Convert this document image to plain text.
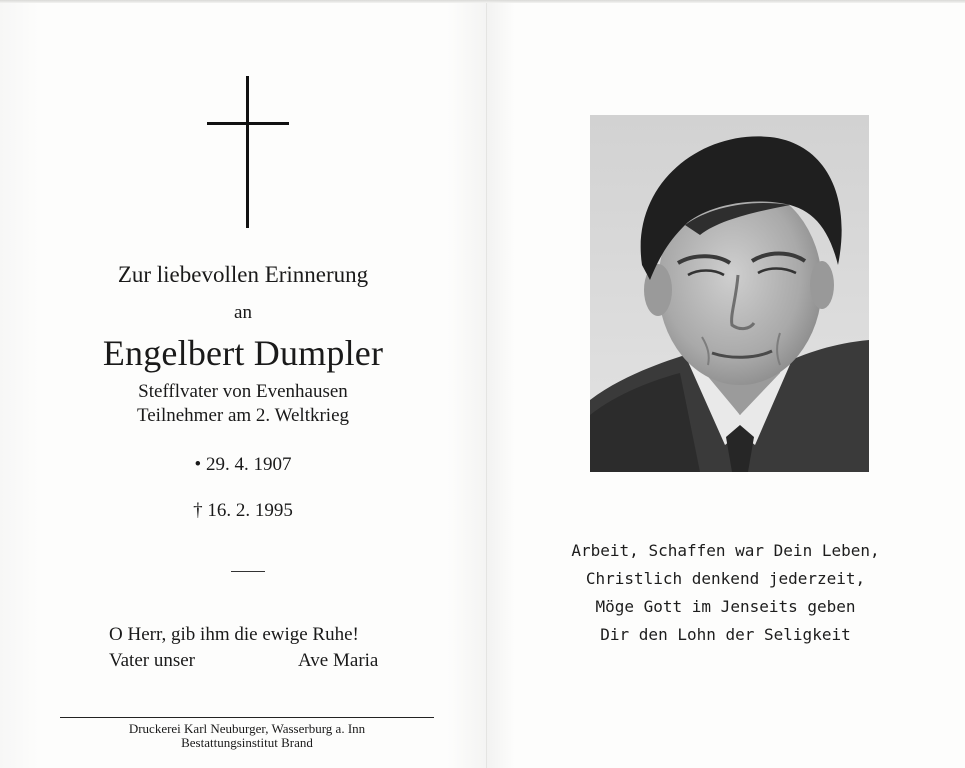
Zur liebevollen Erinnerung
an
Engelbert Dumpler
Stefflvater von Evenhausen
Teilnehmer am 2. Weltkrieg
• 29. 4. 1907
† 16. 2. 1995
O Herr, gib ihm die ewige Ruhe!
Vater unser	Ave Maria
Druckerei Karl Neuburger, Wasserburg a. Inn
Bestattungsinstitut Brand
Arbeit, Schaffen war Dein Leben,
Christlich denkend jederzeit,
Möge Gott im Jenseits geben
Dir den Lohn der Seligkeit
